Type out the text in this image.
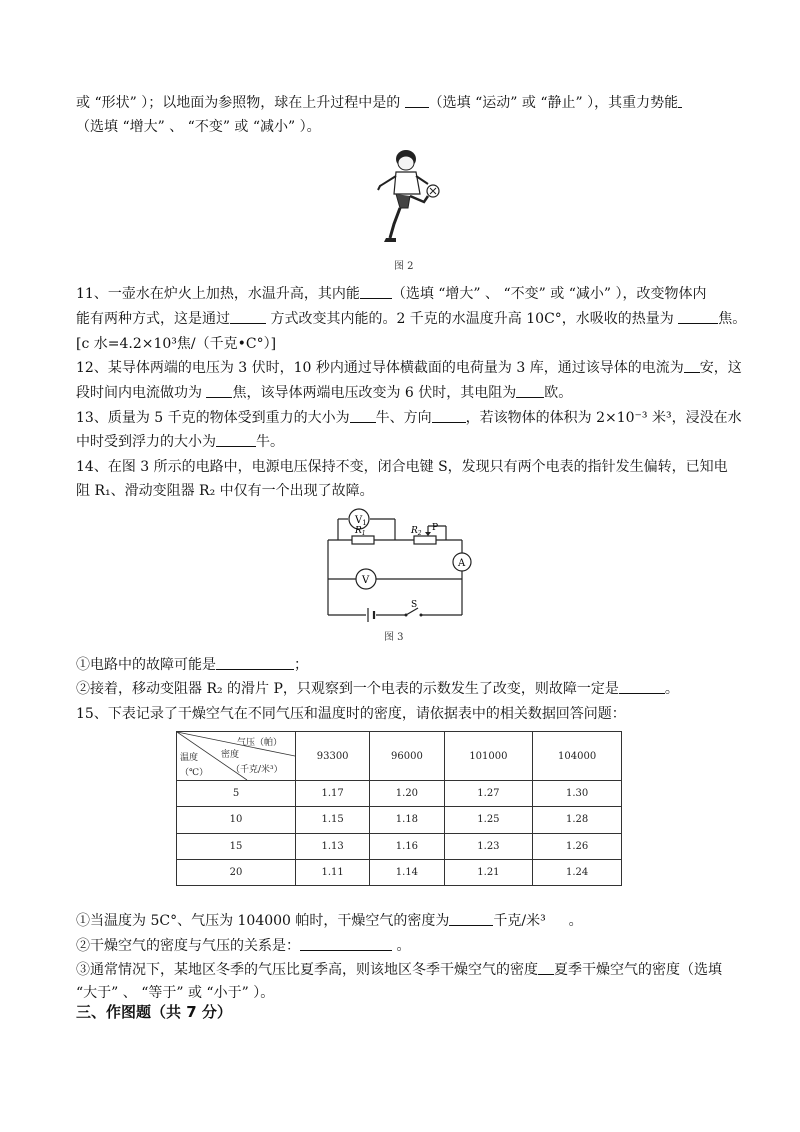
或 “形状” ）；以地面为参照物，球在上升过程中是的 （选填 “运动” 或 “静止” ），其重力势能
（选填 “增大” 、 “不变” 或 “减小” ）。
图 2
11、一壶水在炉火上加热，水温升高，其内能 （选填 “增大” 、 “不变” 或 “减小” ），改变物体内
能有两种方式，这是通过	方式改变其内能的。2 千克的水温度升高 10C°，水吸收的热量为	焦。
[c 水=4.2×10³焦/（千克•C°）]
12、某导体两端的电压为 3 伏时，10 秒内通过导体横截面的电荷量为 3 库，通过该导体的电流为 安，这
段时间内电流做功为 焦，该导体两端电压改变为 6 伏时，其电阻为 欧。
13、质量为 5 千克的物体受到重力的大小为 牛、方向 ，若该物体的体积为 2×10⁻³ 米³，浸没在水
中时受到浮力的大小为	牛。
14、在图 3 所示的电路中，电源电压保持不变，闭合电键 S，发现只有两个电表的指针发生偏转，已知电
阻 R₁、滑动变阻器 R₂ 中仅有一个出现了故障。
$V_1$
$R_1$	$R_2$
P
V
A
S
图 3
①电路中的故障可能是	；
②接着，移动变阻器 R₂ 的滑片 P，只观察到一个电表的示数发生了改变，则故障一定是	。
15、下表记录了干燥空气在不同气压和温度时的密度，请依据表中的相关数据回答问题：
气压（帕）
密度
温度
（℃） （千克/米³）	93300	96000	101000	104000
5	1.17	1.20	1.27	1.30
10	1.15	1.18	1.25	1.28
15	1.13	1.16	1.23	1.26
20	1.11	1.14	1.21	1.24
①当温度为 5C°、气压为 104000 帕时，干燥空气的密度为	千克/米³ 　 。
②干燥空气的密度与气压的关系是：	。
③通常情况下，某地区冬季的气压比夏季高，则该地区冬季干燥空气的密度 夏季干燥空气的密度（选填
“大于” 、 “等于” 或 “小于” ）。
三、作图题（共 7 分）
